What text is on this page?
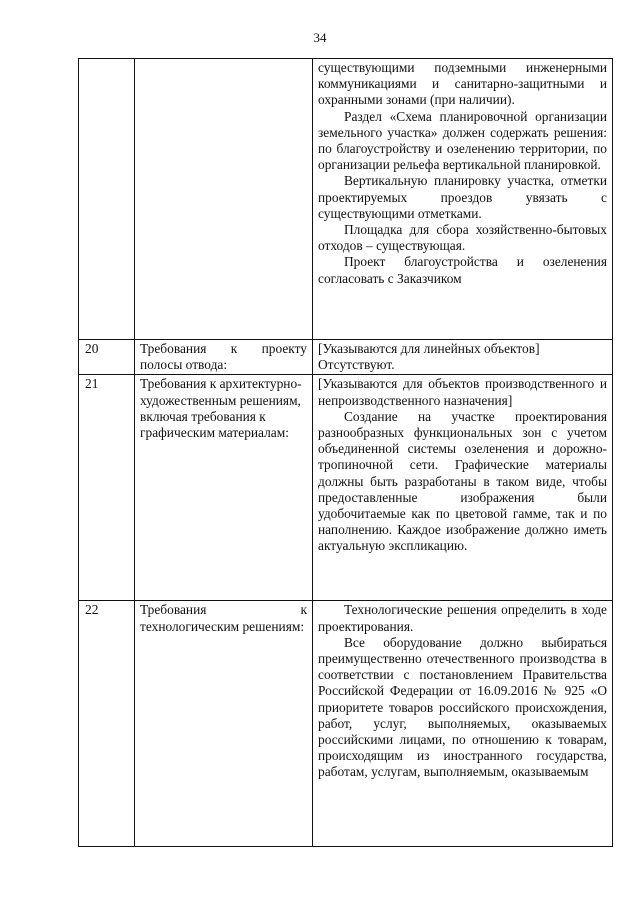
34

		существующими подземными инженерными коммуникациями и санитарно-защитными и охранными зонами (при наличии).

Раздел «Схема планировочной организации земельного участка» должен содержать решения: по благоустройству и озеленению территории, по организации рельефа вертикальной планировкой.

Вертикальную планировку участка, отметки проектируемых проездов увязать с существующими отметками.

Площадка для сбора хозяйственно-бытовых отходов – существующая.

Проект благоустройства и озеленения согласовать с Заказчиком

20	Требования к проекту полосы отвода:	[Указываются для линейных объектов]

Отсутствуют.

21	Требования к архитектурно-художественным решениям, включая требования к графическим материалам:	[Указываются для объектов производственного и непроизводственного назначения]

Создание на участке проектирования разнообразных функциональных зон с учетом объединенной системы озеленения и дорожно-тропиночной сети. Графические материалы должны быть разработаны в таком виде, чтобы предоставленные изображения были удобочитаемые как по цветовой гамме, так и по наполнению. Каждое изображение должно иметь актуальную экспликацию.

22	Требования к технологическим решениям:	Технологические решения определить в ходе проектирования.

Все оборудование должно выбираться преимущественно отечественного производства в соответствии с постановлением Правительства Российской Федерации от 16.09.2016 № 925 «О приоритете товаров российского происхождения, работ, услуг, выполняемых, оказываемых российскими лицами, по отношению к товарам, происходящим из иностранного государства, работам, услугам, выполняемым, оказываемым
